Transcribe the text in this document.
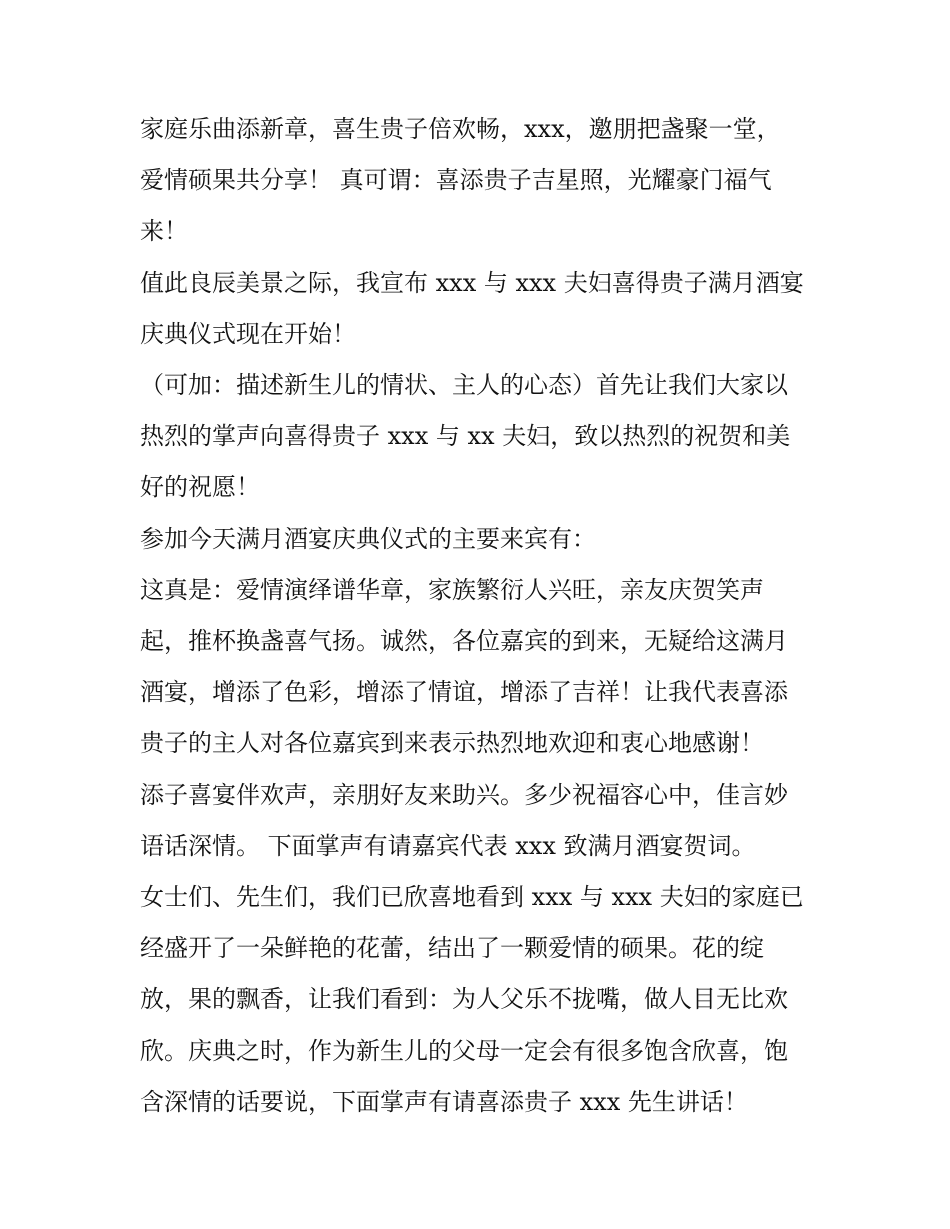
家庭乐曲添新章，喜生贵子倍欢畅，xxx，邀朋把盏聚一堂，
爱情硕果共分享！ 真可谓：喜添贵子吉星照，光耀豪门福气
来！

值此良辰美景之际，我宣布 xxx 与 xxx 夫妇喜得贵子满月酒宴
庆典仪式现在开始！

（可加：描述新生儿的情状、主人的心态）首先让我们大家以
热烈的掌声向喜得贵子 xxx 与 xx 夫妇，致以热烈的祝贺和美
好的祝愿！

参加今天满月酒宴庆典仪式的主要来宾有：

这真是：爱情演绎谱华章，家族繁衍人兴旺，亲友庆贺笑声
起，推杯换盏喜气扬。诚然，各位嘉宾的到来，无疑给这满月
酒宴，增添了色彩，增添了情谊，增添了吉祥！让我代表喜添
贵子的主人对各位嘉宾到来表示热烈地欢迎和衷心地感谢！

添子喜宴伴欢声，亲朋好友来助兴。多少祝福容心中，佳言妙
语话深情。 下面掌声有请嘉宾代表 xxx 致满月酒宴贺词。

女士们、先生们，我们已欣喜地看到 xxx 与 xxx 夫妇的家庭已
经盛开了一朵鲜艳的花蕾，结出了一颗爱情的硕果。花的绽
放，果的飘香，让我们看到：为人父乐不拢嘴，做人目无比欢
欣。庆典之时，作为新生儿的父母一定会有很多饱含欣喜，饱
含深情的话要说，下面掌声有请喜添贵子 xxx 先生讲话！
